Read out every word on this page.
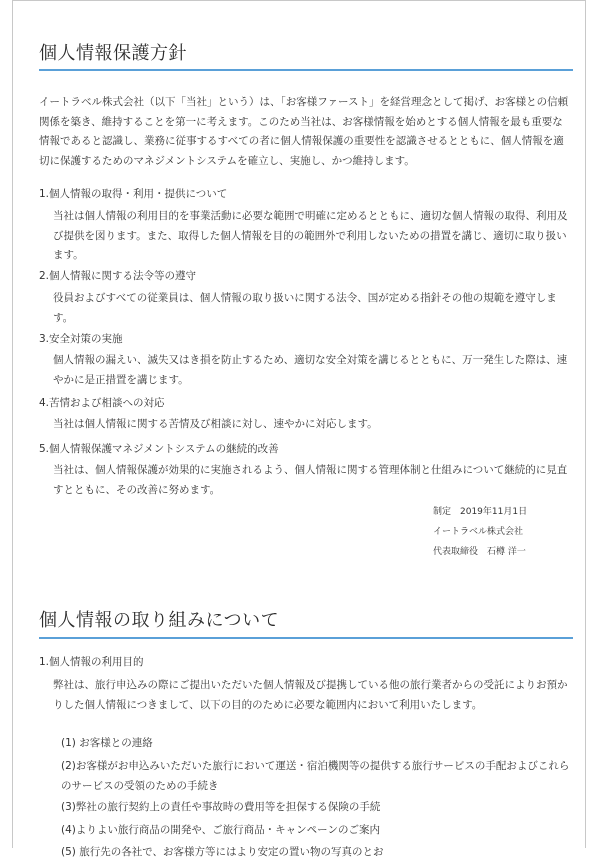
個人情報保護方針

イートラベル株式会社（以下「当社」という）は、「お客様ファースト」を経営理念として掲げ、お客様との信頼関係を築き、維持することを第一に考えます。このため当社は、お客様情報を始めとする個人情報を最も重要な情報であると認識し、業務に従事するすべての者に個人情報保護の重要性を認識させるとともに、個人情報を適切に保護するためのマネジメントシステムを確立し、実施し、かつ維持します。

1.個人情報の取得・利用・提供について

当社は個人情報の利用目的を事業活動に必要な範囲で明確に定めるとともに、適切な個人情報の取得、利用及び提供を図ります。また、取得した個人情報を目的の範囲外で利用しないための措置を講じ、適切に取り扱います。

2.個人情報に関する法令等の遵守

役員およびすべての従業員は、個人情報の取り扱いに関する法令、国が定める指針その他の規範を遵守します。

3.安全対策の実施

個人情報の漏えい、滅失又はき損を防止するため、適切な安全対策を講じるとともに、万一発生した際は、速やかに是正措置を講じます。

4.苦情および相談への対応

当社は個人情報に関する苦情及び相談に対し、速やかに対応します。

5.個人情報保護マネジメントシステムの継続的改善

当社は、個人情報保護が効果的に実施されるよう、個人情報に関する管理体制と仕組みについて継続的に見直すとともに、その改善に努めます。

制定　2019年11月1日

イートラベル株式会社

代表取締役　石樽 洋一

個人情報の取り組みについて

1.個人情報の利用目的

弊社は、旅行申込みの際にご提出いただいた個人情報及び提携している他の旅行業者からの受託によりお預かりした個人情報につきまして、以下の目的のために必要な範囲内において利用いたします。

(1) お客様との連絡

(2)お客様がお申込みいただいた旅行において運送・宿泊機関等の提供する旅行サービスの手配およびこれらのサービスの受領のための手続き

(3)弊社の旅行契約上の責任や事故時の費用等を担保する保険の手続

(4)よりよい旅行商品の開発や、ご旅行商品・キャンペーンのご案内

(5) 旅行先の各社で、お客様方等にはより安定の置い物の写真のとお
